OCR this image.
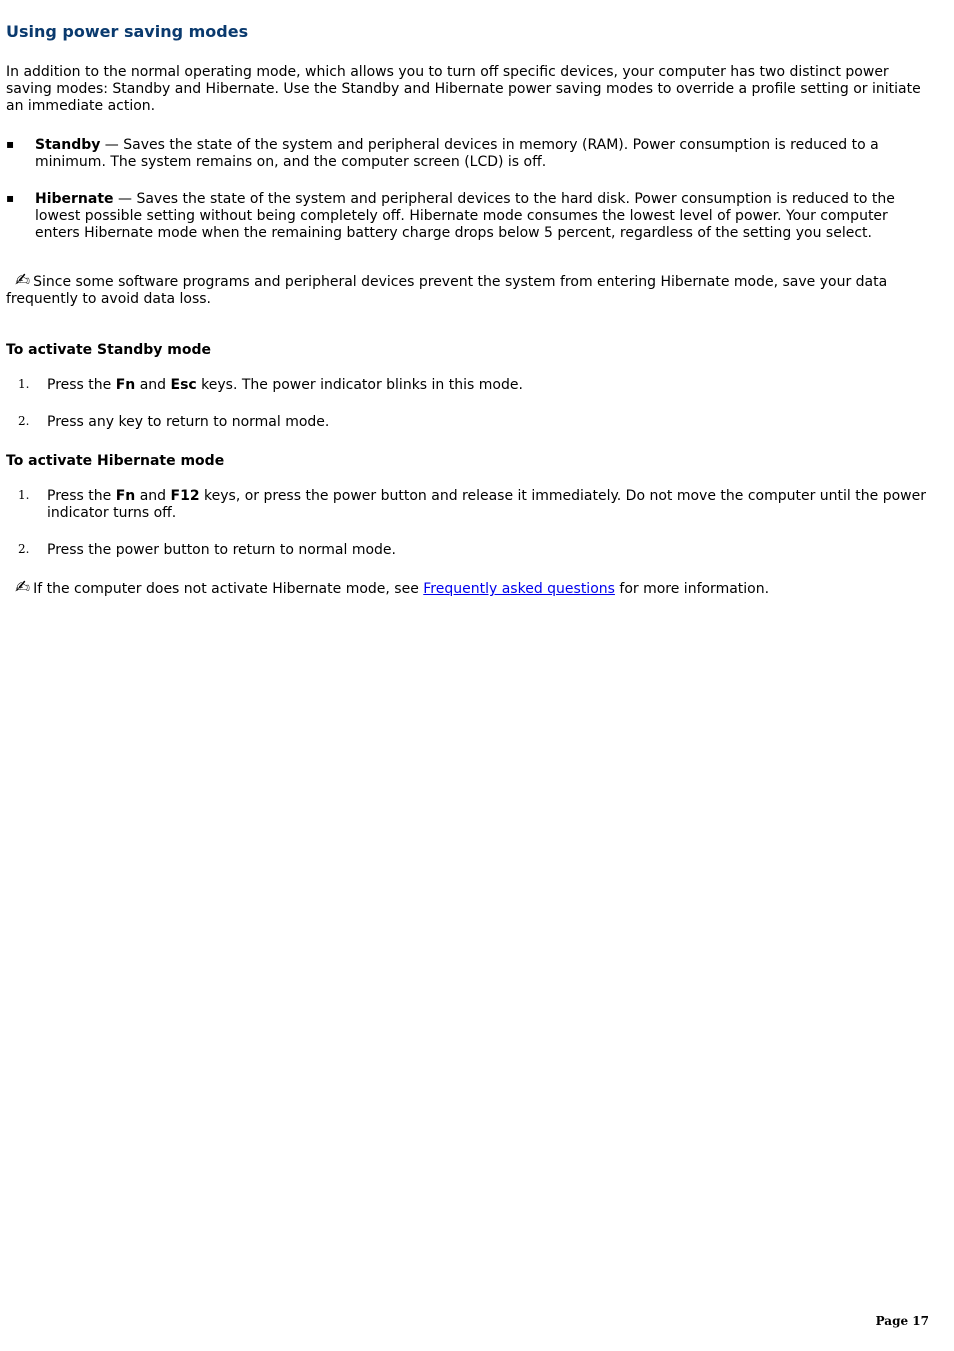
Using power saving modes

In addition to the normal operating mode, which allows you to turn off specific devices, your computer has two distinct power saving modes: Standby and Hibernate. Use the Standby and Hibernate power saving modes to override a profile setting or initiate an immediate action.

▪ Standby — Saves the state of the system and peripheral devices in memory (RAM). Power consumption is reduced to a minimum. The system remains on, and the computer screen (LCD) is off.
▪ Hibernate — Saves the state of the system and peripheral devices to the hard disk. Power consumption is reduced to the lowest possible setting without being completely off. Hibernate mode consumes the lowest level of power. Your computer enters Hibernate mode when the remaining battery charge drops below 5 percent, regardless of the setting you select.

✍ Since some software programs and peripheral devices prevent the system from entering Hibernate mode, save your data frequently to avoid data loss.

To activate Standby mode
1. Press the Fn and Esc keys. The power indicator blinks in this mode.
2. Press any key to return to normal mode.
To activate Hibernate mode
1. Press the Fn and F12 keys, or press the power button and release it immediately. Do not move the computer until the power indicator turns off.
2. Press the power button to return to normal mode.

✍ If the computer does not activate Hibernate mode, see Frequently asked questions for more information.

Page 17
